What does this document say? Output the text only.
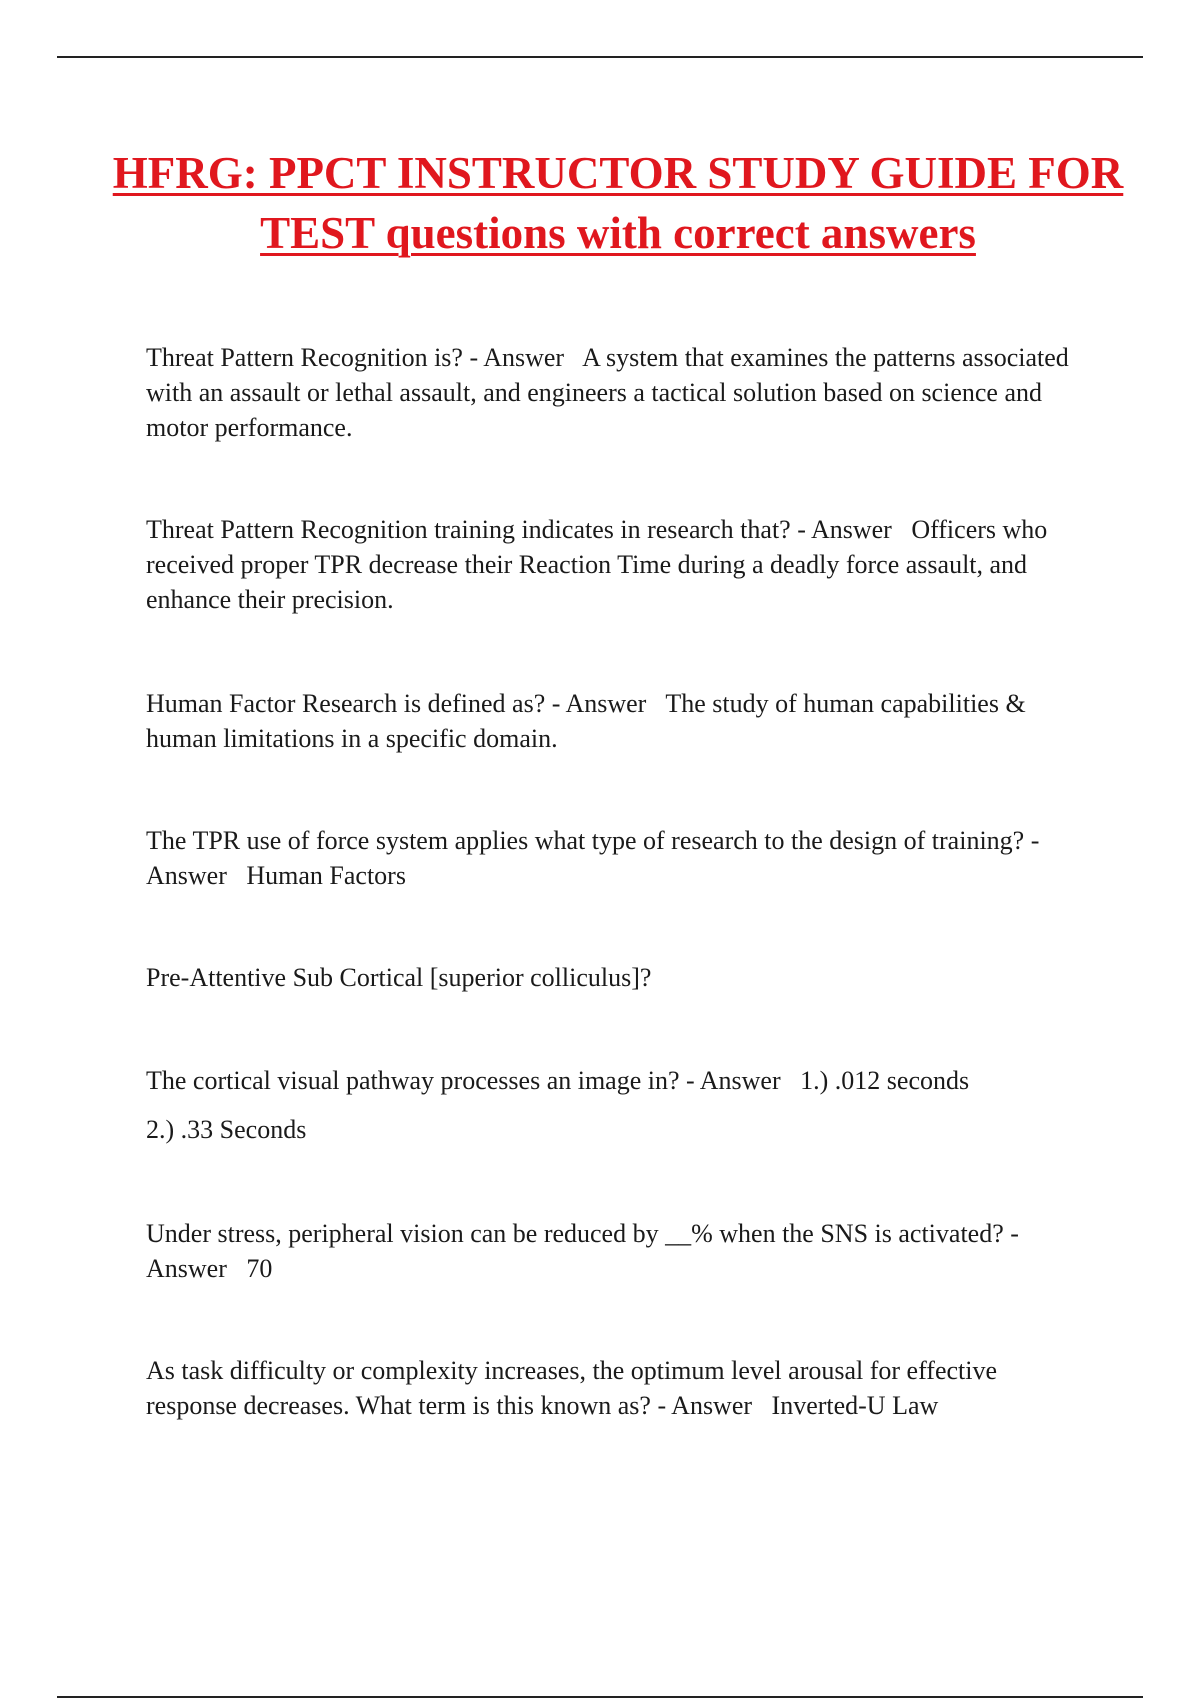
HFRG: PPCT INSTRUCTOR STUDY GUIDE FOR TEST questions with correct answers

Threat Pattern Recognition is? - Answer A system that examines the patterns associated with an assault or lethal assault, and engineers a tactical solution based on science and motor performance.

Threat Pattern Recognition training indicates in research that? - Answer Officers who received proper TPR decrease their Reaction Time during a deadly force assault, and enhance their precision.

Human Factor Research is defined as? - Answer The study of human capabilities & human limitations in a specific domain.

The TPR use of force system applies what type of research to the design of training? - Answer Human Factors

Pre-Attentive Sub Cortical [superior colliculus]?

The cortical visual pathway processes an image in? - Answer 1.) .012 seconds

2.) .33 Seconds

Under stress, peripheral vision can be reduced by __% when the SNS is activated? - Answer 70

As task difficulty or complexity increases, the optimum level arousal for effective response decreases. What term is this known as? - Answer Inverted-U Law
